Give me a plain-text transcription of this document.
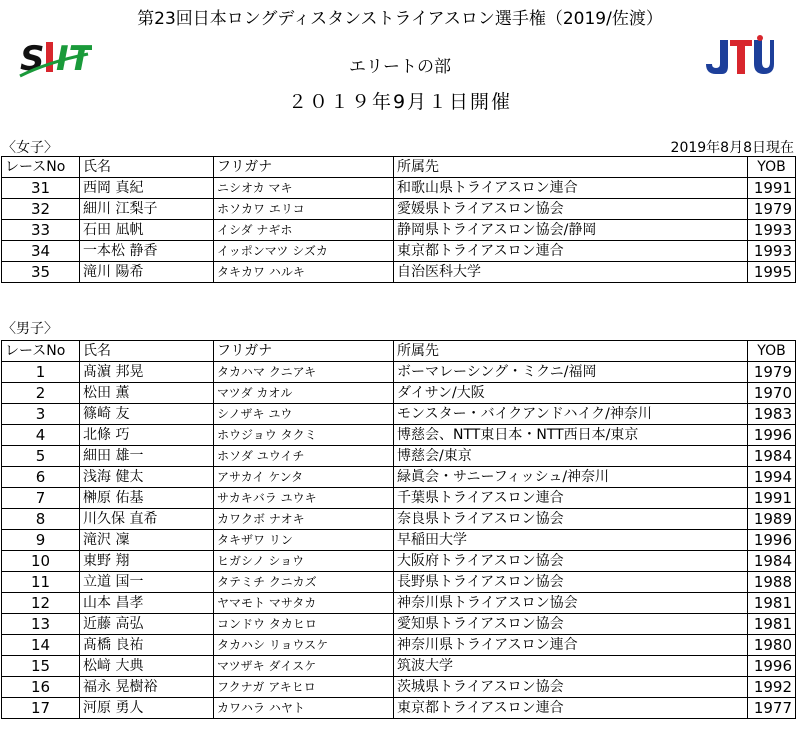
第23回日本ロングディスタンストライアスロン選手権（2019/佐渡）
S IT	エリートの部
２０１９年9月１日開催
〈女子〉	2019年8月8日現在
レースNo	氏名	フリガナ	所属先	YOB
31	西岡 真紀	ニシオカ マキ	和歌山県トライアスロン連合	1991
32	細川 江梨子	ホソカワ エリコ	愛媛県トライアスロン協会	1979
33	石田 凪帆	イシダ ナギホ	静岡県トライアスロン協会/静岡	1993
34	一本松 静香	イッポンマツ シズカ	東京都トライアスロン連合	1993
35	滝川 陽希	タキカワ ハルキ	自治医科大学	1995
〈男子〉
レースNo	氏名	フリガナ	所属先	YOB
1	髙濵 邦晃	タカハマ クニアキ	ボーマレーシング・ミクニ/福岡	1979
2	松田 薫	マツダ カオル	ダイサン/大阪	1970
3	篠崎 友	シノザキ ユウ	モンスター・バイクアンドハイク/神奈川	1983
4	北條 巧	ホウジョウ タクミ	博慈会、NTT東日本・NTT西日本/東京	1996
5	細田 雄一	ホソダ ユウイチ	博慈会/東京	1984
6	浅海 健太	アサカイ ケンタ	緑眞会・サニーフィッシュ/神奈川	1994
7	榊原 佑基	サカキバラ ユウキ	千葉県トライアスロン連合	1991
8	川久保 直希	カワクボ ナオキ	奈良県トライアスロン協会	1989
9	滝沢 凜	タキザワ リン	早稲田大学	1996
10	東野 翔	ヒガシノ ショウ	大阪府トライアスロン協会	1984
11	立道 国一	タテミチ クニカズ	長野県トライアスロン協会	1988
12	山本 昌孝	ヤマモト マサタカ	神奈川県トライアスロン協会	1981
13	近藤 高弘	コンドウ タカヒロ	愛知県トライアスロン協会	1981
14	髙橋 良祐	タカハシ リョウスケ	神奈川県トライアスロン連合	1980
15	松﨑 大典	マツザキ ダイスケ	筑波大学	1996
16	福永 晃樹裕	フクナガ アキヒロ	茨城県トライアスロン協会	1992
17	河原 勇人	カワハラ ハヤト	東京都トライアスロン連合	1977
